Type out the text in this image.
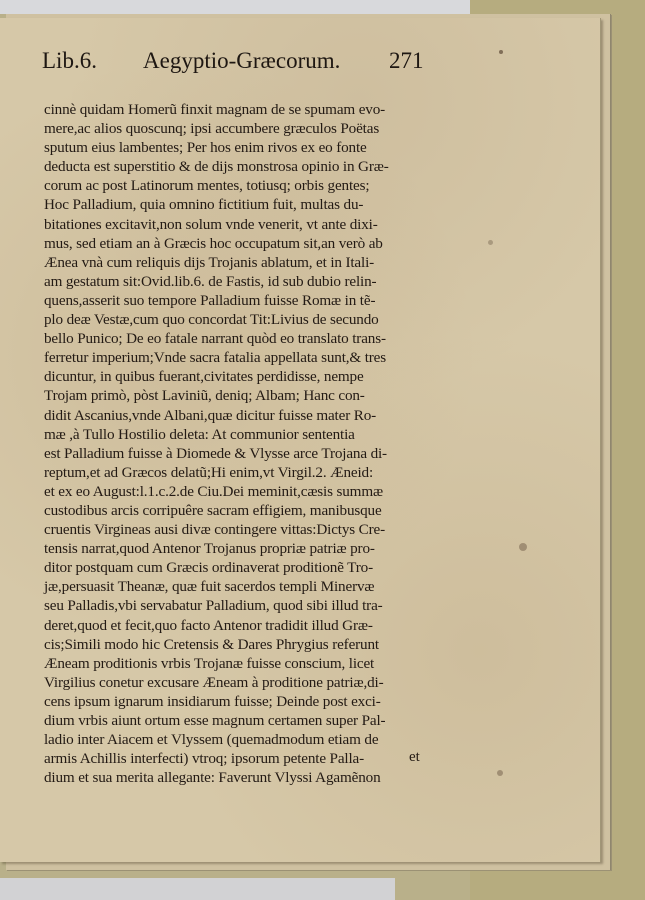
Lib.6. Aegyptio-Græcorum. 271
cinnè quidam Homerũ finxit magnam de se spumam evo-
mere,ac alios quoscunq; ipsi accumbere græculos Poëtas
sputum eius lambentes; Per hos enim rivos ex eo fonte
deducta est superstitio & de dijs monstrosa opinio in Græ-
corum ac post Latinorum mentes, totiusq; orbis gentes;
Hoc Palladium, quia omnino fictitium fuit, multas du-
bitationes excitavit,non solum vnde venerit, vt ante dixi-
mus, sed etiam an à Græcis hoc occupatum sit,an verò ab
Ænea vnà cum reliquis dijs Trojanis ablatum, et in Itali-
am gestatum sit:Ovid.lib.6. de Fastis, id sub dubio relin-
quens,asserit suo tempore Palladium fuisse Romæ in tẽ-
plo deæ Vestæ,cum quo concordat Tit:Livius de secundo
bello Punico; De eo fatale narrant quòd eo translato trans-
ferretur imperium;Vnde sacra fatalia appellata sunt,& tres
dicuntur, in quibus fuerant,civitates perdidisse, nempe
Trojam primò, pòst Laviniũ, deniq; Albam; Hanc con-
didit Ascanius,vnde Albani,quæ dicitur fuisse mater Ro-
mæ ,à Tullo Hostilio deleta: At communior sententia
est Palladium fuisse à Diomede & Vlysse arce Trojana di-
reptum,et ad Græcos delatũ;Hi enim,vt Virgil.2. Æneid:
et ex eo August:l.1.c.2.de Ciu.Dei meminit,cæsis summæ
custodibus arcis corripuêre sacram effigiem, manibusque
cruentis Virgineas ausi divæ contingere vittas:Dictys Cre-
tensis narrat,quod Antenor Trojanus propriæ patriæ pro-
ditor postquam cum Græcis ordinaverat proditionẽ Tro-
jæ,persuasit Theanæ, quæ fuit sacerdos templi Minervæ
seu Palladis,vbi servabatur Palladium, quod sibi illud tra-
deret,quod et fecit,quo facto Antenor tradidit illud Græ-
cis;Simili modo hic Cretensis & Dares Phrygius referunt
Æneam proditionis vrbis Trojanæ fuisse conscium, licet
Virgilius conetur excusare Æneam à proditione patriæ,di-
cens ipsum ignarum insidiarum fuisse; Deinde post exci-
dium vrbis aiunt ortum esse magnum certamen super Pal-
ladio inter Aiacem et Vlyssem (quemadmodum etiam de
armis Achillis interfecti) vtroq; ipsorum petente Palla-
dium et sua merita allegante: Faverunt Vlyssi Agamẽnon
et
